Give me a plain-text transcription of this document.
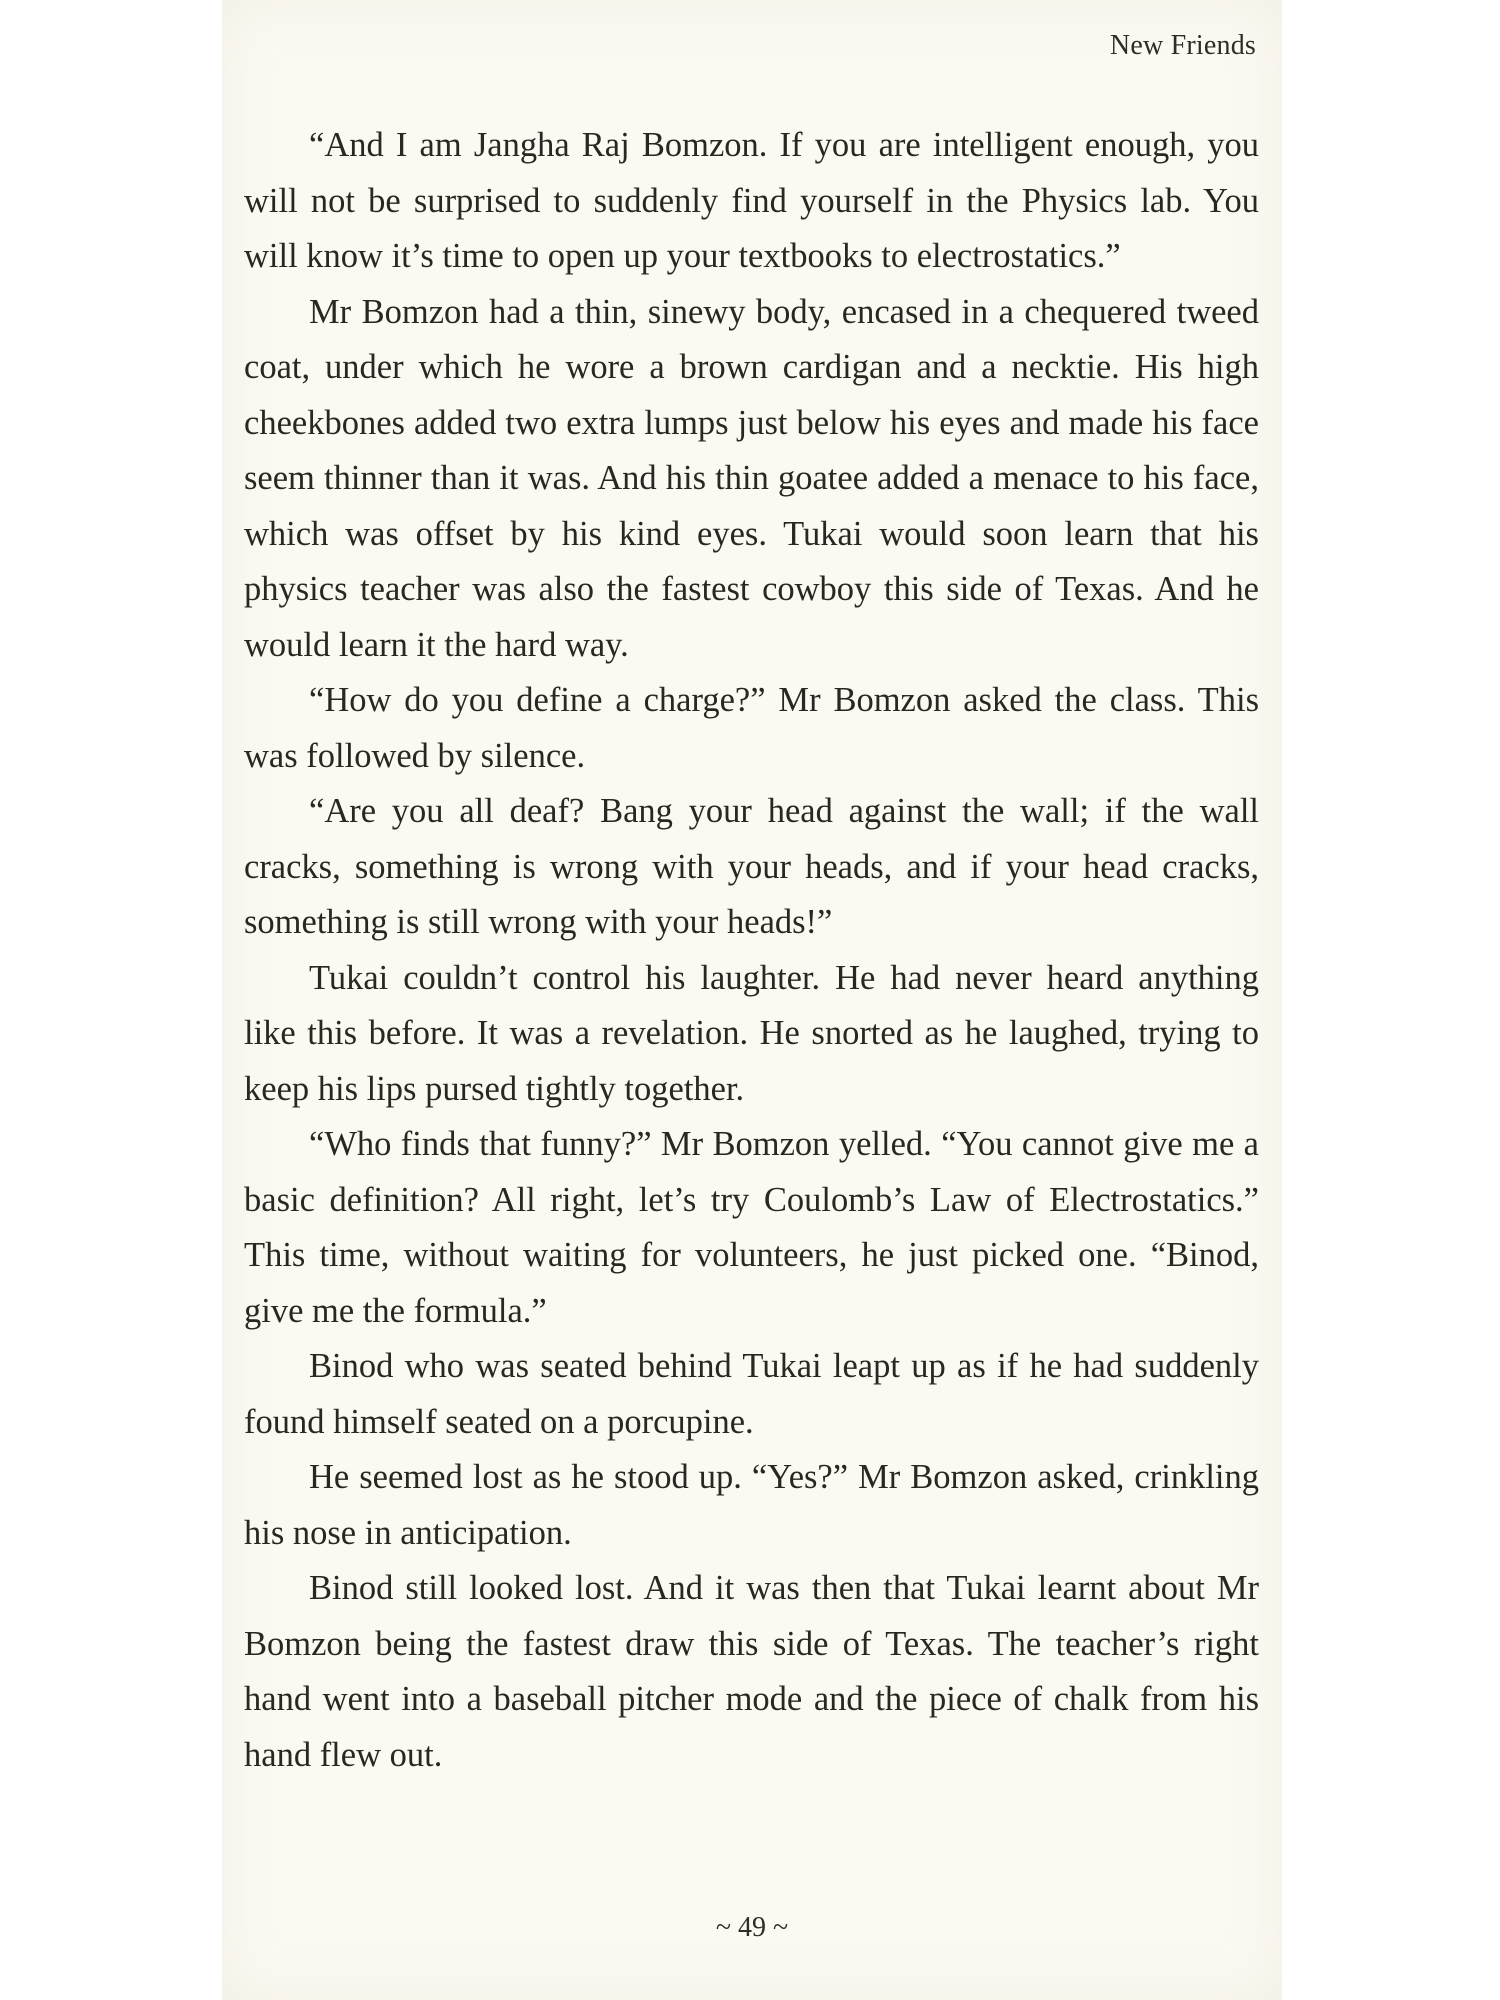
New Friends

“And I am Jangha Raj Bomzon. If you are intelligent enough, you will not be surprised to suddenly find yourself in the Physics lab. You will know it’s time to open up your textbooks to electrostatics.”

Mr Bomzon had a thin, sinewy body, encased in a chequered tweed coat, under which he wore a brown cardigan and a necktie. His high cheekbones added two extra lumps just below his eyes and made his face seem thinner than it was. And his thin goatee added a menace to his face, which was offset by his kind eyes. Tukai would soon learn that his physics teacher was also the fastest cowboy this side of Texas. And he would learn it the hard way.

“How do you define a charge?” Mr Bomzon asked the class. This was followed by silence.

“Are you all deaf? Bang your head against the wall; if the wall cracks, something is wrong with your heads, and if your head cracks, something is still wrong with your heads!”

Tukai couldn’t control his laughter. He had never heard anything like this before. It was a revelation. He snorted as he laughed, trying to keep his lips pursed tightly together.

“Who finds that funny?” Mr Bomzon yelled. “You cannot give me a basic definition? All right, let’s try Coulomb’s Law of Electrostatics.” This time, without waiting for volunteers, he just picked one. “Binod, give me the formula.”

Binod who was seated behind Tukai leapt up as if he had suddenly found himself seated on a porcupine.

He seemed lost as he stood up. “Yes?” Mr Bomzon asked, crinkling his nose in anticipation.

Binod still looked lost. And it was then that Tukai learnt about Mr Bomzon being the fastest draw this side of Texas. The teacher’s right hand went into a baseball pitcher mode and the piece of chalk from his hand flew out.

~ 49 ~
